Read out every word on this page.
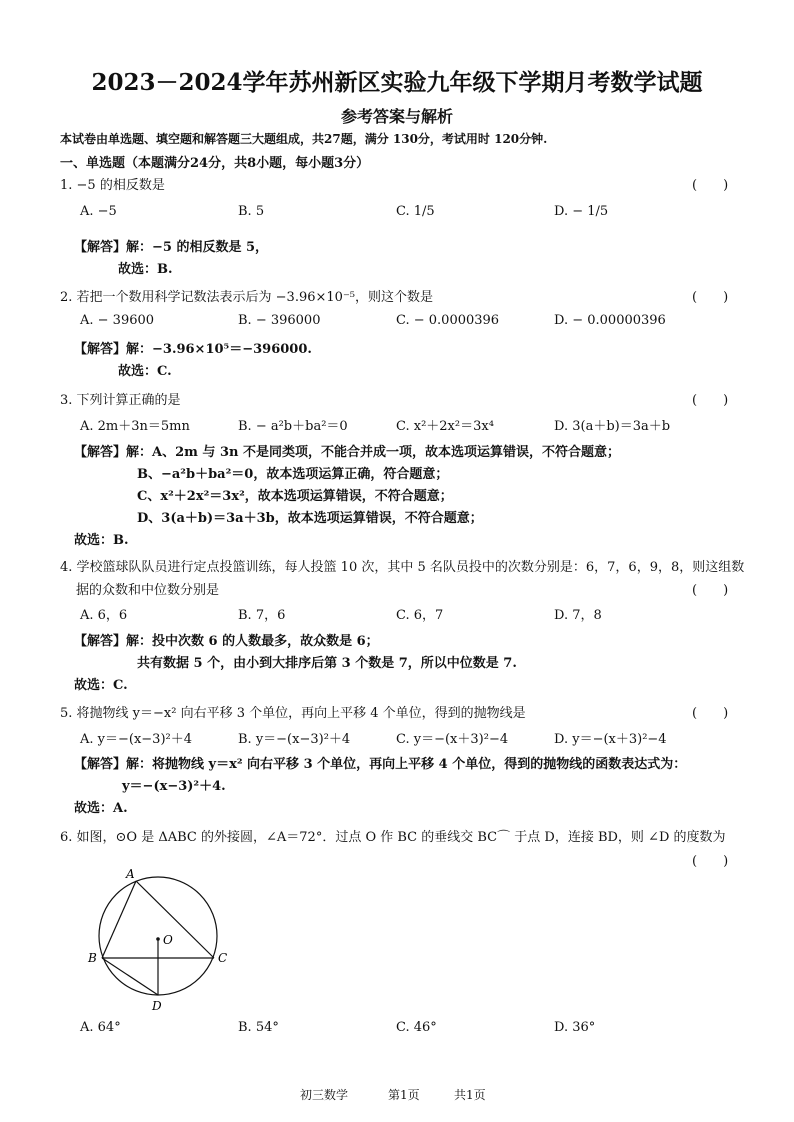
2023－2024学年苏州新区实验九年级下学期月考数学试题
参考答案与解析
本试卷由单选题、填空题和解答题三大题组成，共27题，满分 130分，考试用时 120分钟.
一、单选题（本题满分24分，共8小题，每小题3分）
1. −5 的相反数是	(　　)
A. −5	B. 5	C. 1/5	D. − 1/5
【解答】解：−5 的相反数是 5，
故选：B.
2. 若把一个数用科学记数法表示后为 −3.96×10⁻⁵，则这个数是	(　　)
A. − 39600	B. − 396000	C. − 0.0000396	D. − 0.00000396
【解答】解：−3.96×10⁵＝−396000.
故选：C.
3. 下列计算正确的是	(　　)
A. 2m＋3n＝5mn	B. − a²b＋ba²＝0	C. x²＋2x²＝3x⁴	D. 3(a＋b)＝3a＋b
【解答】解：A、2m 与 3n 不是同类项，不能合并成一项，故本选项运算错误，不符合题意；
B、−a²b＋ba²＝0，故本选项运算正确，符合题意；
C、x²＋2x²＝3x²，故本选项运算错误，不符合题意；
D、3(a＋b)＝3a＋3b，故本选项运算错误，不符合题意；
故选：B.
4. 学校篮球队队员进行定点投篮训练，每人投篮 10 次，其中 5 名队员投中的次数分别是：6，7，6，9，8，则这组数
据的众数和中位数分别是	(　　)
A. 6，6	B. 7，6	C. 6，7	D. 7，8
【解答】解：投中次数 6 的人数最多，故众数是 6；
共有数据 5 个，由小到大排序后第 3 个数是 7，所以中位数是 7.
故选：C.
5. 将抛物线 y＝−x² 向右平移 3 个单位，再向上平移 4 个单位，得到的抛物线是	(　　)
A. y＝−(x−3)²＋4	B. y＝−(x−3)²＋4	C. y＝−(x＋3)²−4	D. y＝−(x＋3)²−4
【解答】解：将抛物线 y＝x² 向右平移 3 个单位，再向上平移 4 个单位，得到的抛物线的函数表达式为：
y＝−(x−3)²＋4.
故选：A.
6. 如图，⊙O 是 ΔABC 的外接圆，∠A＝72°．过点 O 作 BC 的垂线交 BC⌒ 于点 D，连接 BD，则 ∠D 的度数为
(　　)
A
B	C
O
D
A. 64°	B. 54°	C. 46°	D. 36°
初三数学	第1页	共1页
